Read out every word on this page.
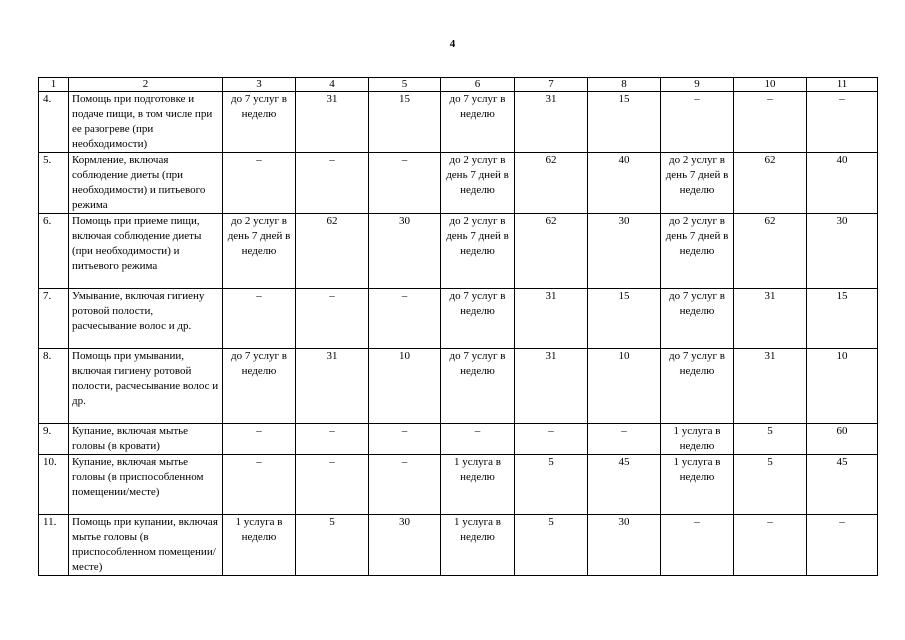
4
1	2	3	4	5	6	7	8	9	10	11
4.	Помощь при подготовке и подаче пищи, в том числе при ее разогреве (при необходимости)	до 7 услуг в неделю	31	15	до 7 услуг в неделю	31	15	–	–	–
5.	Кормление, включая соблюдение диеты (при необходимости) и питьевого режима	–	–	–	до 2 услуг в день 7 дней в неделю	62	40	до 2 услуг в день 7 дней в неделю	62	40
6.	Помощь при приеме пищи, включая соблюдение диеты (при необходимости) и питьевого режима	до 2 услуг в день 7 дней в неделю	62	30	до 2 услуг в день 7 дней в неделю	62	30	до 2 услуг в день 7 дней в неделю	62	30
7.	Умывание, включая гигиену ротовой полости, расчесывание волос и др.	–	–	–	до 7 услуг в неделю	31	15	до 7 услуг в неделю	31	15
8.	Помощь при умывании, включая гигиену ротовой полости, расчесывание волос и др.	до 7 услуг в неделю	31	10	до 7 услуг в неделю	31	10	до 7 услуг в неделю	31	10
9.	Купание, включая мытье головы (в кровати)	–	–	–	–	–	–	1 услуга в неделю	5	60
10.	Купание, включая мытье головы (в приспособленном помещении/месте)	–	–	–	1 услуга в неделю	5	45	1 услуга в неделю	5	45
11.	Помощь при купании, включая мытье головы (в приспособленном помещении/месте)	1 услуга в неделю	5	30	1 услуга в неделю	5	30	–	–	–
